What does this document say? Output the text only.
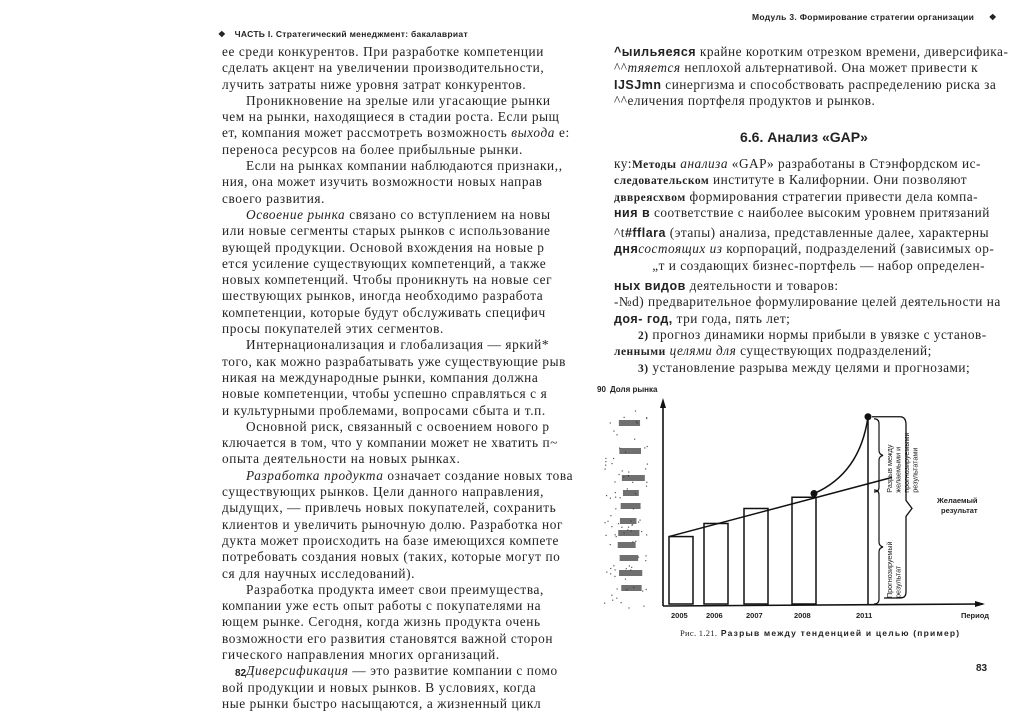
❖ ЧАСТЬ I. Стратегический менеджмент: бакалавриат
82
ее среди конкурентов. При разработке компетенции
сделать акцент на увеличении производительности,
лучить затраты ниже уровня затрат конкурентов.
Проникновение на зрелые или угасающие рынки
чем на рынки, находящиеся в стадии роста. Если рыщ
ет, компания может рассмотреть возможность выхода е:
переноса ресурсов на более прибыльные рынки.
Если на рынках компании наблюдаются признаки,,
ния, она может изучить возможности новых направ
своего развития.
Освоение рынка связано со вступлением на новы
или новые сегменты старых рынков с использование
вующей продукции. Основой вхождения на новые р
ется усиление существующих компетенций, а также
новых компетенций. Чтобы проникнуть на новые сег
шествующих рынков, иногда необходимо разработа
компетенции, которые будут обслуживать специфич
просы покупателей этих сегментов.
Интернационализация и глобализация — яркий*
того, как можно разрабатывать уже существующие рыв
никая на международные рынки, компания должна
новые компетенции, чтобы успешно справляться с я
и культурными проблемами, вопросами сбыта и т.п.
Основной риск, связанный с освоением нового р
ключается в том, что у компании может не хватить п~
опыта деятельности на новых рынках.
Разработка продукта означает создание новых това
существующих рынков. Цели данного направления,
дыдущих, — привлечь новых покупателей, сохранить
клиентов и увеличить рыночную долю. Разработка ног
дукта может происходить на базе имеющихся компете
потребовать создания новых (таких, которые могут по
ся для научных исследований).
Разработка продукта имеет свои преимущества,
компании уже есть опыт работы с покупателями на
ющем рынке. Сегодня, когда жизнь продукта очень
возможности его развития становятся важной сторон
гического направления многих организаций.
Диверсификация — это развитие компании с помо
вой продукции и новых рынков. В условиях, когда
ные рынки быстро насыщаются, а жизненный цикл
Модуль 3. Формирование стратегии организации ❖
83
^ыильяеяся крайне коротким отрезком времени, диверсифика-
^^тяяется неплохой альтернативой. Она может привести к
IJSJmn синергизма и способствовать распределению риска за
^^еличения портфеля продуктов и рынков.
6.6. Анализ «GAP»
ку:Методы анализа «GAP» разработаны в Стэнфордском ис-
следовательском институте в Калифорнии. Они позволяют
дввреясхвом формирования стратегии привести дела компа-
ния в соответствие с наиболее высоким уровнем притязаний
^t#fflara (этапы) анализа, представленные далее, характерны
днясостоящих из корпораций, подразделений (зависимых ор-
„т и создающих бизнес-портфель — набор определен-
ных видов деятельности и товаров:
-№d) предварительное формулирование целей деятельности на
доя- год, три года, пять лет;
2) прогноз динамики нормы прибыли в увязке с установ-
ленными целями для существующих подразделений;
3) установление разрыва между целями и прогнозами;
90 Доля рынка
Разрыв междужелаемыми ипрогнозируемымирезультатами
Прогнозируемыйрезультат
Желаемый
результат
2005 2006	2007	2008	2011	Период
Рис. 1.21. Разрыв между тенденцией и целью (пример)
